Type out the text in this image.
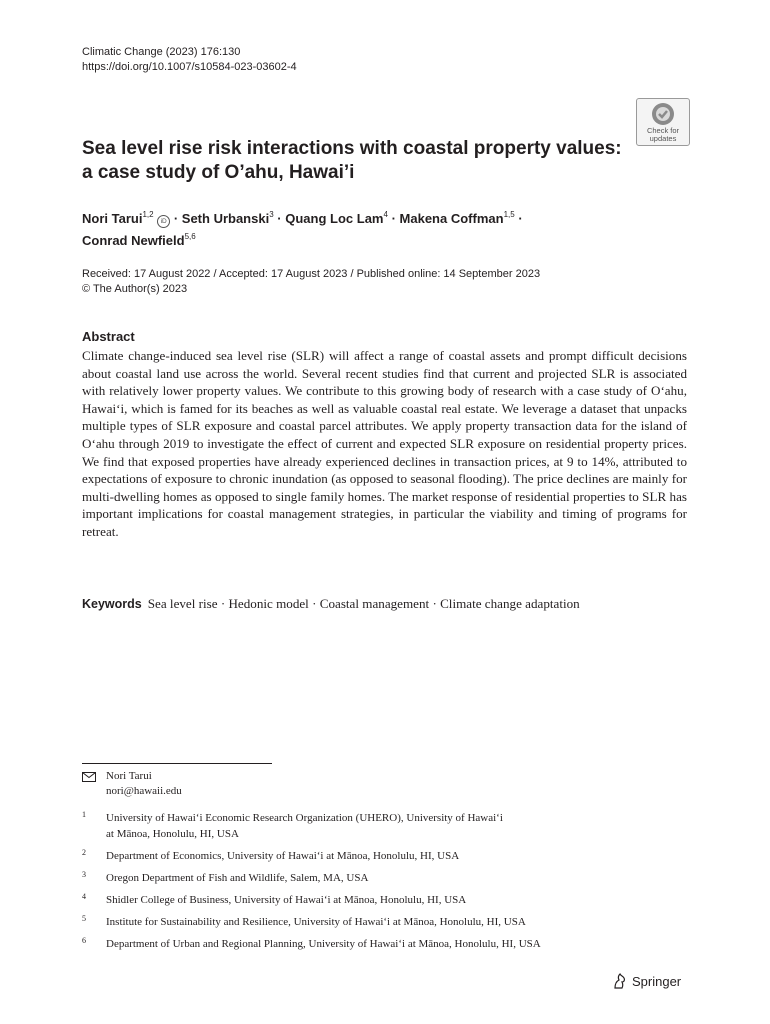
Climatic Change (2023) 176:130
https://doi.org/10.1007/s10584-023-03602-4
Check for
updates
Sea level rise risk interactions with coastal property values:
a case study of O’ahu, Hawai’i
Nori Tarui$^{1,2}$ iD · Seth Urbanski$^3$ · Quang Loc Lam$^4$ · Makena Coffman$^{1,5}$ ·
Conrad Newfield$^{5,6}$
Received: 17 August 2022 / Accepted: 17 August 2023 / Published online: 14 September 2023
© The Author(s) 2023
Abstract
Climate change-induced sea level rise (SLR) will affect a range of coastal assets and prompt difficult decisions about coastal land use across the world. Several recent studies find that current and projected SLR is associated with relatively lower property values. We contribute to this growing body of research with a case study of O‘ahu, Hawai‘i, which is famed for its beaches as well as valuable coastal real estate. We leverage a dataset that unpacks multiple types of SLR exposure and coastal parcel attributes. We apply property transaction data for the island of O‘ahu through 2019 to investigate the effect of current and expected SLR exposure on residential property prices. We find that exposed properties have already experienced declines in transaction prices, at 9 to 14%, attributed to expectations of exposure to chronic inundation (as opposed to seasonal flooding). The price declines are mainly for multi-dwelling homes as opposed to single family homes. The market response of residential properties to SLR has important implications for coastal management strategies, in particular the viability and timing of programs for retreat.
Keywords Sea level rise · Hedonic model · Coastal management · Climate change adaptation
Nori Tarui
nori@hawaii.edu
1 University of Hawai‘i Economic Research Organization (UHERO), University of Hawai‘i
at Mānoa, Honolulu, HI, USA
2 Department of Economics, University of Hawai‘i at Mānoa, Honolulu, HI, USA
3 Oregon Department of Fish and Wildlife, Salem, MA, USA
4 Shidler College of Business, University of Hawai‘i at Mānoa, Honolulu, HI, USA
5 Institute for Sustainability and Resilience, University of Hawai‘i at Mānoa, Honolulu, HI, USA
6 Department of Urban and Regional Planning, University of Hawai‘i at Mānoa, Honolulu, HI, USA
Springer
